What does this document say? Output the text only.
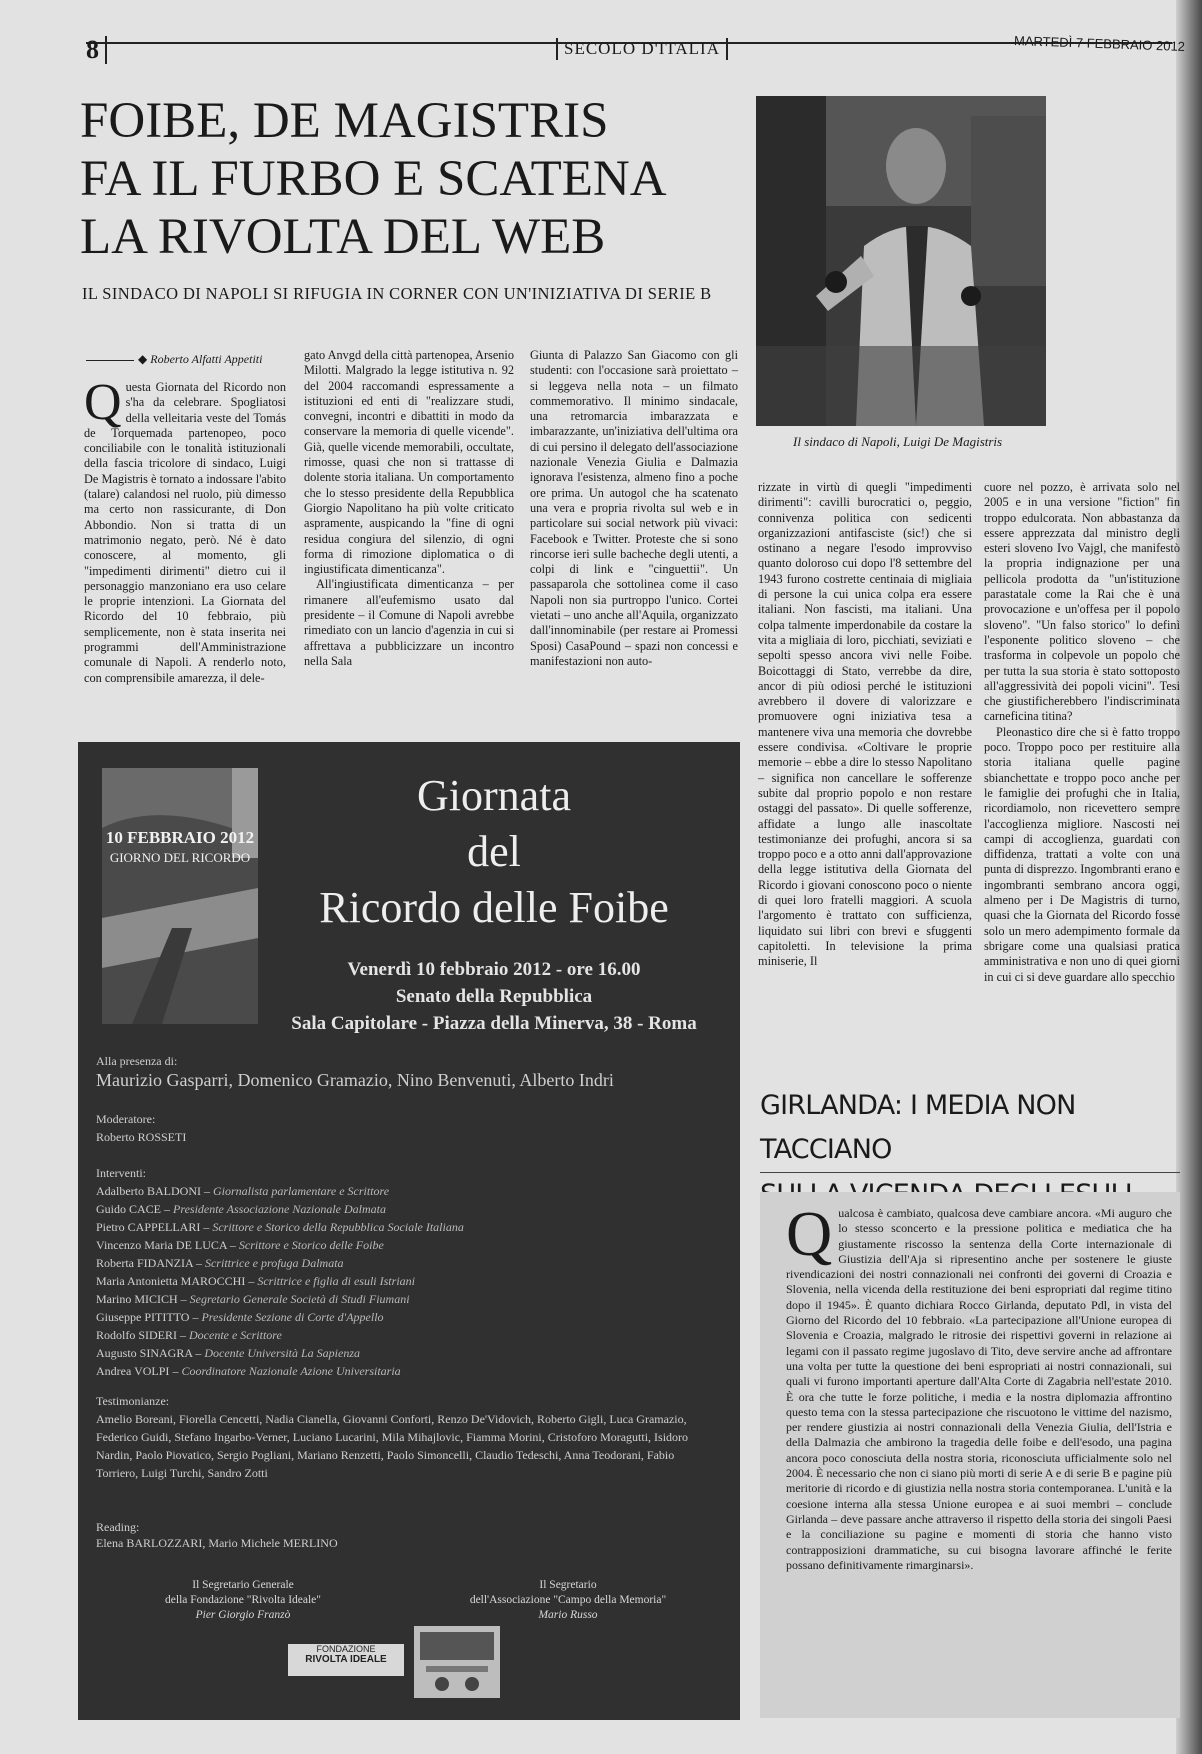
8	SECOLO D'ITALIA	MARTEDÌ 7 FEBBRAIO 2012
FOIBE, DE MAGISTRIS
FA IL FURBO E SCATENA
LA RIVOLTA DEL WEB
IL SINDACO DI NAPOLI SI RIFUGIA IN CORNER CON UN'INIZIATIVA DI SERIE B
Il sindaco di Napoli, Luigi De Magistris
◆ Roberto Alfatti Appetiti
Q uesta Giornata del Ricordo non s'ha da celebrare. Spogliatosi della velleitaria veste del Tomás de Torquemada partenopeo, poco conciliabile con le tonalità istituzionali della fascia tricolore di sindaco, Luigi De Magistris è tornato a indossare l'abito (talare) calandosi nel ruolo, più dimesso ma certo non rassicurante, di Don Abbondio. Non si tratta di un matrimonio negato, però. Né è dato conoscere, al momento, gli "impedimenti dirimenti" dietro cui il personaggio manzoniano era uso celare le proprie intenzioni. La Giornata del Ricordo del 10 febbraio, più semplicemente, non è stata inserita nei programmi dell'Amministrazione comunale di Napoli. A renderlo noto, con comprensibile amarezza, il dele-

gato Anvgd della città partenopea, Arsenio Milotti. Malgrado la legge istitutiva n. 92 del 2004 raccomandi espressamente a istituzioni ed enti di "realizzare studi, convegni, incontri e dibattiti in modo da conservare la memoria di quelle vicende". Già, quelle vicende memorabili, occultate, rimosse, quasi che non si trattasse di dolente storia italiana. Un comportamento che lo stesso presidente della Repubblica Giorgio Napolitano ha più volte criticato aspramente, auspicando la "fine di ogni residua congiura del silenzio, di ogni forma di rimozione diplomatica o di ingiustificata dimenticanza".

All'ingiustificata dimenticanza – per rimanere all'eufemismo usato dal presidente – il Comune di Napoli avrebbe rimediato con un lancio d'agenzia in cui si affrettava a pubblicizzare un incontro nella Sala

Giunta di Palazzo San Giacomo con gli studenti: con l'occasione sarà proiettato – si leggeva nella nota – un filmato commemorativo. Il minimo sindacale, una retromarcia imbarazzata e imbarazzante, un'iniziativa dell'ultima ora di cui persino il delegato dell'associazione nazionale Venezia Giulia e Dalmazia ignorava l'esistenza, almeno fino a poche ore prima. Un autogol che ha scatenato una vera e propria rivolta sul web e in particolare sui social network più vivaci: Facebook e Twitter. Proteste che si sono rincorse ieri sulle bacheche degli utenti, a colpi di link e "cinguettii". Un passaparola che sottolinea come il caso Napoli non sia purtroppo l'unico. Cortei vietati – uno anche all'Aquila, organizzato dall'innominabile (per restare ai Promessi Sposi) CasaPound – spazi non concessi e manifestazioni non auto-

rizzate in virtù di quegli "impedimenti dirimenti": cavilli burocratici o, peggio, connivenza politica con sedicenti organizzazioni antifasciste (sic!) che si ostinano a negare l'esodo improvviso quanto doloroso cui dopo l'8 settembre del 1943 furono costrette centinaia di migliaia di persone la cui unica colpa era essere italiani. Non fascisti, ma italiani. Una colpa talmente imperdonabile da costare la vita a migliaia di loro, picchiati, seviziati e sepolti spesso ancora vivi nelle Foibe. Boicottaggi di Stato, verrebbe da dire, ancor di più odiosi perché le istituzioni avrebbero il dovere di valorizzare e promuovere ogni iniziativa tesa a mantenere viva una memoria che dovrebbe essere condivisa. «Coltivare le proprie memorie – ebbe a dire lo stesso Napolitano – significa non cancellare le sofferenze subite dal proprio popolo e non restare ostaggi del passato». Di quelle sofferenze, affidate a lungo alle inascoltate testimonianze dei profughi, ancora si sa troppo poco e a otto anni dall'approvazione della legge istitutiva della Giornata del Ricordo i giovani conoscono poco o niente di quei loro fratelli maggiori. A scuola l'argomento è trattato con sufficienza, liquidato sui libri con brevi e sfuggenti capitoletti. In televisione la prima miniserie, Il

cuore nel pozzo, è arrivata solo nel 2005 e in una versione "fiction" fin troppo edulcorata. Non abbastanza da essere apprezzata dal ministro degli esteri sloveno Ivo Vajgl, che manifestò la propria indignazione per una pellicola prodotta da "un'istituzione parastatale come la Rai che è una provocazione e un'offesa per il popolo sloveno". "Un falso storico" lo definì l'esponente politico sloveno – che trasforma in colpevole un popolo che per tutta la sua storia è stato sottoposto all'aggressività dei popoli vicini". Tesi che giustificherebbero l'indiscriminata carneficina titina?

Pleonastico dire che si è fatto troppo poco. Troppo poco per restituire alla storia italiana quelle pagine sbianchettate e troppo poco anche per le famiglie dei profughi che in Italia, ricordiamolo, non ricevettero sempre l'accoglienza migliore. Nascosti nei campi di accoglienza, guardati con diffidenza, trattati a volte con una punta di disprezzo. Ingombranti erano e ingombranti sembrano ancora oggi, almeno per i De Magistris di turno, quasi che la Giornata del Ricordo fosse solo un mero adempimento formale da sbrigare come una qualsiasi pratica amministrativa e non uno di quei giorni in cui ci si deve guardare allo specchio

10 FEBBRAIO 2012
GIORNO DEL RICORDO
Giornata
del
Ricordo delle Foibe
Venerdì 10 febbraio 2012 - ore 16.00
Senato della Repubblica
Sala Capitolare - Piazza della Minerva, 38 - Roma
Alla presenza di:
Maurizio Gasparri, Domenico Gramazio, Nino Benvenuti, Alberto Indri
Moderatore:
Roberto ROSSETI
Interventi:
Adalberto BALDONI – Giornalista parlamentare e Scrittore
Guido CACE – Presidente Associazione Nazionale Dalmata
Pietro CAPPELLARI – Scrittore e Storico della Repubblica Sociale Italiana
Vincenzo Maria DE LUCA – Scrittore e Storico delle Foibe
Roberta FIDANZIA – Scrittrice e profuga Dalmata
Maria Antonietta MAROCCHI – Scrittrice e figlia di esuli Istriani
Marino MICICH – Segretario Generale Società di Studi Fiumani
Giuseppe PITITTO – Presidente Sezione di Corte d'Appello
Rodolfo SIDERI – Docente e Scrittore
Augusto SINAGRA – Docente Università La Sapienza
Andrea VOLPI – Coordinatore Nazionale Azione Universitaria
Testimonianze:
Amelio Boreani, Fiorella Cencetti, Nadia Cianella, Giovanni Conforti, Renzo De'Vidovich, Roberto Gigli, Luca Gramazio, Federico Guidi, Stefano Ingarbo-Verner, Luciano Lucarini, Mila Mihajlovic, Fiamma Morini, Cristoforo Moragutti, Isidoro Nardin, Paolo Piovatico, Sergio Pogliani, Mariano Renzetti, Paolo Simoncelli, Claudio Tedeschi, Anna Teodorani, Fabio Torriero, Luigi Turchi, Sandro Zotti
Reading:
Elena BARLOZZARI, Mario Michele MERLINO
Il Segretario Generale
della Fondazione "Rivolta Ideale"
Pier Giorgio Franzò
Il Segretario
dell'Associazione "Campo della Memoria"
Mario Russo
FONDAZIONE
RIVOLTA IDEALE
GIRLANDA: I MEDIA NON TACCIANO
Q ualcosa è cambiato, qualcosa deve cambiare ancora. «Mi auguro che lo stesso sconcerto e la pressione politica e mediatica che ha giustamente riscosso la sentenza della Corte internazionale di Giustizia dell'Aja si ripresentino anche per sostenere le giuste rivendicazioni dei nostri connazionali nei confronti dei governi di Croazia e Slovenia, nella vicenda della restituzione dei beni espropriati dal regime titino dopo il 1945». È quanto dichiara Rocco Girlanda, deputato Pdl, in vista del Giorno del Ricordo del 10 febbraio. «La partecipazione all'Unione europea di Slovenia e Croazia, malgrado le ritrosie dei rispettivi governi in relazione ai legami con il passato regime jugoslavo di Tito, deve servire anche ad affrontare una volta per tutte la questione dei beni espropriati ai nostri connazionali, sui quali vi furono importanti aperture dall'Alta Corte di Zagabria nell'estate 2010. È ora che tutte le forze politiche, i media e la nostra diplomazia affrontino questo tema con la stessa partecipazione che riscuotono le vittime del nazismo, per rendere giustizia ai nostri connazionali della Venezia Giulia, dell'Istria e della Dalmazia che ambirono la tragedia delle foibe e dell'esodo, una pagina ancora poco conosciuta della nostra storia, riconosciuta ufficialmente solo nel 2004. È necessario che non ci siano più morti di serie A e di serie B e pagine più meritorie di ricordo e di giustizia nella nostra storia contemporanea. L'unità e la coesione interna alla stessa Unione europea e ai suoi membri – conclude Girlanda – deve passare anche attraverso il rispetto della storia dei singoli Paesi e la conciliazione su pagine e momenti di storia che hanno visto contrapposizioni drammatiche, su cui bisogna lavorare affinché le ferite possano definitivamente rimarginarsi».
